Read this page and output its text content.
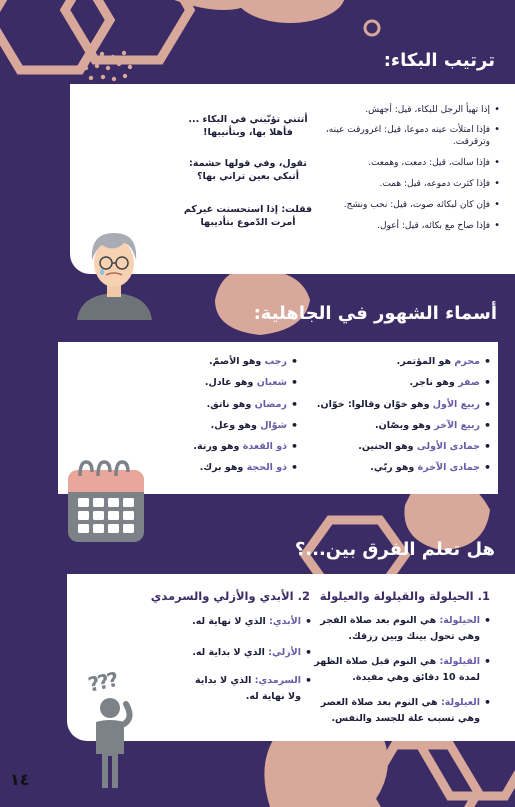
ترتيب البكاء:
• إذا تهيأ الرجل للبكاء، قيل: أجهش.
• فإذا امتلأت عينه دموعا، قيل: اغرورقت عينه، وترقرقت.
• فإذا سالت، قيل: دمعت، وهمعت.
• فإذا كثرت دموعه، قيل: همت.
• فإن كان لبكائه صوت، قيل: نحب ونشج.
• فإذا صاح مع بكائه، قيل: أعول.
أتتني تؤنّبني في البكاء ...
فأهلا بها، وبتأنيبها!
تقول، وفي قولها حشمة:
أتبكي بعين تراني بها؟
فقلت: إذا استحسنت غيركم
أمرت الدّموع بتأديبها
أسماء الشهور في الجاهلية:
• محرم هو المؤتمر.
• صفر وهو ناجر.
• ربيع الأول وهو خوّان وقالوا: خوّان.
• ربيع الآخر وهو وبصّان.
• جمادى الأولى وهو الحنين.
• جمادى الآخرة وهو ربّي.
• رجب وهو الأصمّ.
• شعبان وهو عادل.
• رمضان وهو ناتق.
• شوّال وهو وعل.
• ذو القعدة وهو ورنة.
• ذو الحجة وهو برك.
هل تعلم الفرق بين...؟
1. الحيلولة والقيلولة والعيلولة
• الحيلولة: هي النوم بعد صلاة الفجر وهي تحول بينك وبين رزقك.
• القيلولة: هي النوم قبل صلاة الظهر لمدة 10 دقائق وهي مفيدة.
• العيلولة: هي النوم بعد صلاة العصر وهي تسبب علة للجسد والنفس.
2. الأبدي والأزلي والسرمدي
• الأبدي: الذي لا نهاية له.
• الأزلي: الذي لا بداية له.
• السرمدي: الذي لا بداية ولا نهاية له.
???
١٤
